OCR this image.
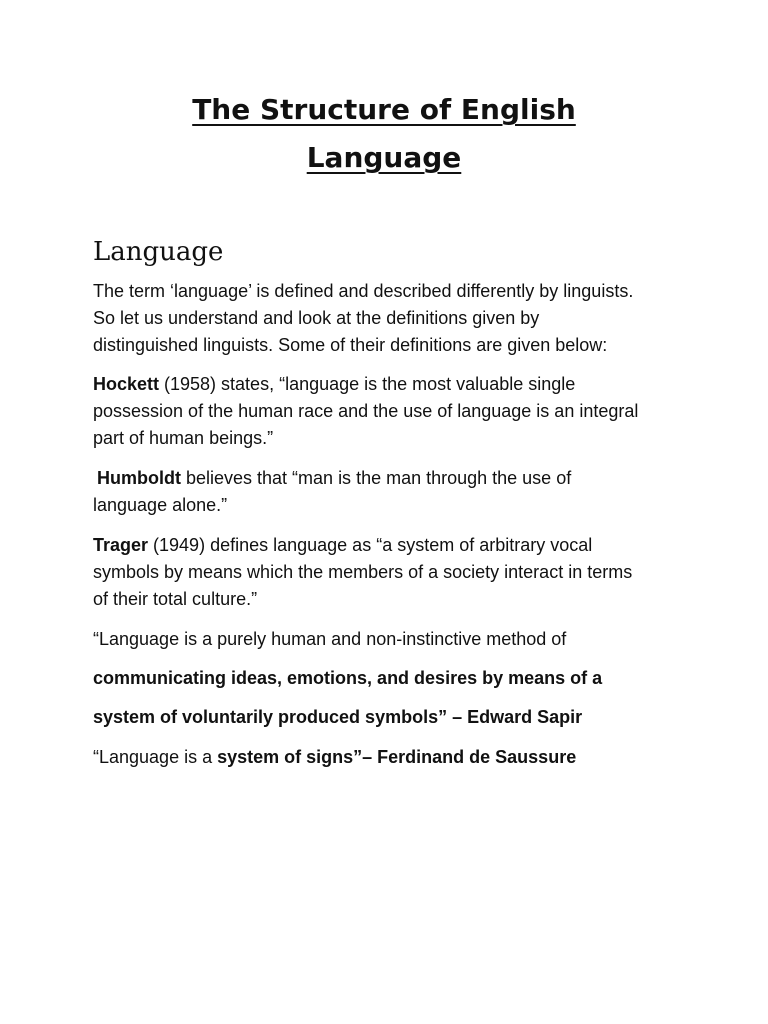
The Structure of English
Language
Language

The term ‘language’ is defined and described differently by linguists.
So let us understand and look at the definitions given by
distinguished linguists. Some of their definitions are given below:

Hockett (1958) states, “language is the most valuable single
possession of the human race and the use of language is an integral
part of human beings.”

Humboldt believes that “man is the man through the use of
language alone.”

Trager (1949) defines language as “a system of arbitrary vocal
symbols by means which the members of a society interact in terms
of their total culture.”

“Language is a purely human and non-instinctive method of

communicating ideas, emotions, and desires by means of a

system of voluntarily produced symbols” – Edward Sapir

“Language is a system of signs”– Ferdinand de Saussure
